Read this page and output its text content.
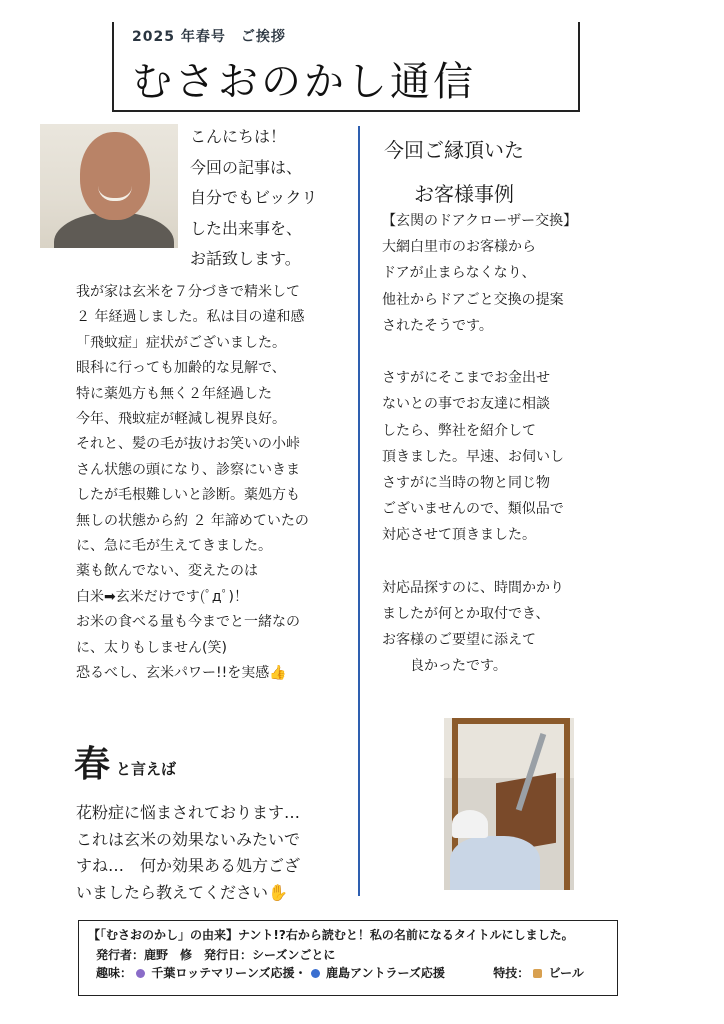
2025 年春号　ご挨拶
むさおのかし通信
こんにちは！
今回の記事は、
自分でもビックリ
した出来事を、
お話致します。
我が家は玄米を７分づきで精米して
２ 年経過しました。私は目の違和感
「飛蚊症」症状がございました。
眼科に行っても加齢的な見解で、
特に薬処方も無く２年経過した
今年、飛蚊症が軽減し視界良好。
それと、髪の毛が抜けお笑いの小峠
さん状態の頭になり、診察にいきま
したが毛根難しいと診断。薬処方も
無しの状態から約 ２ 年諦めていたの
に、急に毛が生えてきました。
薬も飲んでない、変えたのは
白米➡玄米だけです(ﾟдﾟ)！
お米の食べる量も今までと一緒なの
に、太りもしません(笑)
恐るべし、玄米パワー!!を実感👍
春 と言えば
花粉症に悩まされております…
これは玄米の効果ないみたいで
すね…　何か効果ある処方ござ
いましたら教えてください✋
今回ご縁頂いた
お客様事例
【玄関のドアクローザー交換】
大網白里市のお客様から
ドアが止まらなくなり、
他社からドアごと交換の提案
されたそうです。
さすがにそこまでお金出せ
ないとの事でお友達に相談
したら、弊社を紹介して
頂きました。早速、お伺いし
さすがに当時の物と同じ物
ございませんので、類似品で
対応させて頂きました。
対応品探すのに、時間かかり
ましたが何とか取付でき、
お客様のご要望に添えて
　　良かったです。
【「むさおのかし」の由来】ナント!?右から読むと！私の名前になるタイトルにしました。
発行者：鹿野　修　発行日：シーズンごとに
趣味： 千葉ロッテマリーンズ応援・ 鹿島アントラーズ応援	特技： ビール
